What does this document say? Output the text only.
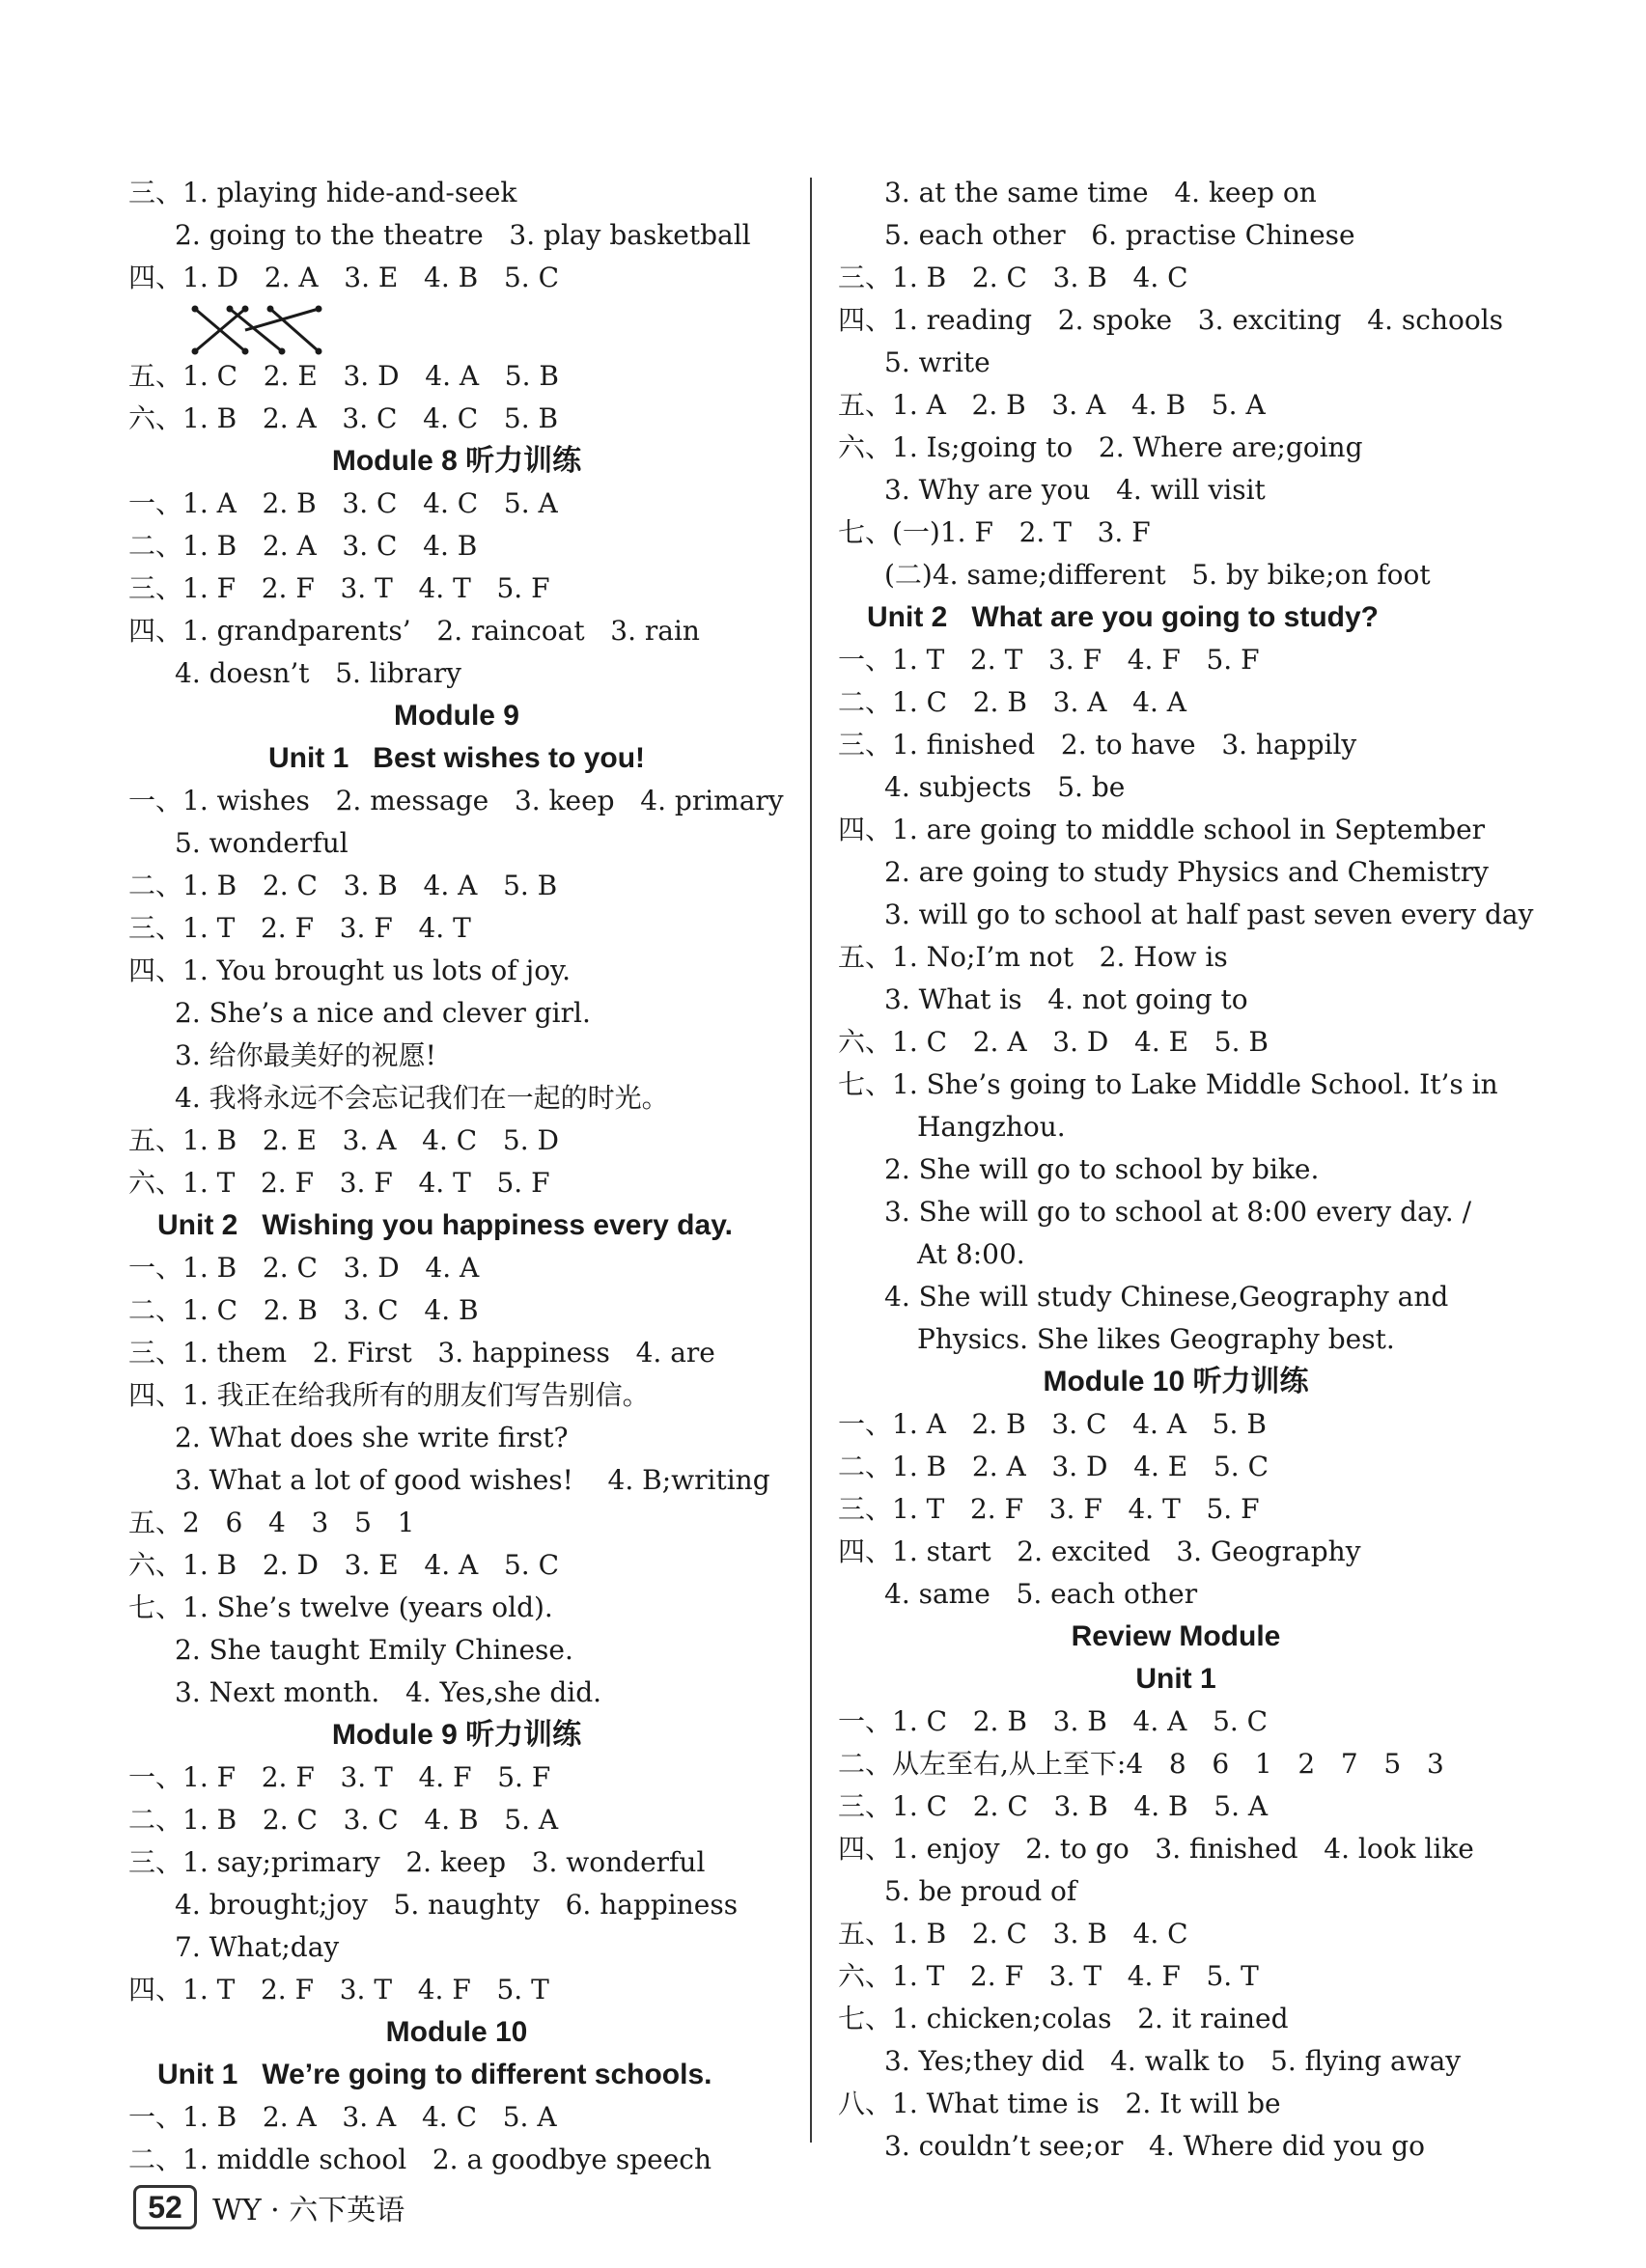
三、1. playing hide-and-seek
2. going to the theatre   3. play basketball
四、1. D   2. A   3. E   4. B   5. C
五、1. C   2. E   3. D   4. A   5. B
六、1. B   2. A   3. C   4. C   5. B
Module 8 听力训练
一、1. A   2. B   3. C   4. C   5. A
二、1. B   2. A   3. C   4. B
三、1. F   2. F   3. T   4. T   5. F
四、1. grandparents’   2. raincoat   3. rain
4. doesn’t   5. library
Module 9
Unit 1   Best wishes to you!
一、1. wishes   2. message   3. keep   4. primary
5. wonderful
二、1. B   2. C   3. B   4. A   5. B
三、1. T   2. F   3. F   4. T
四、1. You brought us lots of joy.
2. She’s a nice and clever girl.
3. 给你最美好的祝愿!
4. 我将永远不会忘记我们在一起的时光。
五、1. B   2. E   3. A   4. C   5. D
六、1. T   2. F   3. F   4. T   5. F
Unit 2   Wishing you happiness every day.
一、1. B   2. C   3. D   4. A
二、1. C   2. B   3. C   4. B
三、1. them   2. First   3. happiness   4. are
四、1. 我正在给我所有的朋友们写告别信。
2. What does she write first?
3. What a lot of good wishes!    4. B;writing
五、2   6   4   3   5   1
六、1. B   2. D   3. E   4. A   5. C
七、1. She’s twelve (years old).
2. She taught Emily Chinese.
3. Next month.   4. Yes,she did.
Module 9 听力训练
一、1. F   2. F   3. T   4. F   5. F
二、1. B   2. C   3. C   4. B   5. A
三、1. say;primary   2. keep   3. wonderful
4. brought;joy   5. naughty   6. happiness
7. What;day
四、1. T   2. F   3. T   4. F   5. T
Module 10
Unit 1   We’re going to different schools.
一、1. B   2. A   3. A   4. C   5. A
二、1. middle school   2. a goodbye speech
3. at the same time   4. keep on
5. each other   6. practise Chinese
三、1. B   2. C   3. B   4. C
四、1. reading   2. spoke   3. exciting   4. schools
5. write
五、1. A   2. B   3. A   4. B   5. A
六、1. Is;going to   2. Where are;going
3. Why are you   4. will visit
七、(一)1. F   2. T   3. F
(二)4. same;different   5. by bike;on foot
Unit 2   What are you going to study?
一、1. T   2. T   3. F   4. F   5. F
二、1. C   2. B   3. A   4. A
三、1. finished   2. to have   3. happily
4. subjects   5. be
四、1. are going to middle school in September
2. are going to study Physics and Chemistry
3. will go to school at half past seven every day
五、1. No;I’m not   2. How is
3. What is   4. not going to
六、1. C   2. A   3. D   4. E   5. B
七、1. She’s going to Lake Middle School. It’s in
Hangzhou.
2. She will go to school by bike.
3. She will go to school at 8:00 every day. /
At 8:00.
4. She will study Chinese,Geography and
Physics. She likes Geography best.
Module 10 听力训练
一、1. A   2. B   3. C   4. A   5. B
二、1. B   2. A   3. D   4. E   5. C
三、1. T   2. F   3. F   4. T   5. F
四、1. start   2. excited   3. Geography
4. same   5. each other
Review Module
Unit 1
一、1. C   2. B   3. B   4. A   5. C
二、从左至右,从上至下:4   8   6   1   2   7   5   3
三、1. C   2. C   3. B   4. B   5. A
四、1. enjoy   2. to go   3. finished   4. look like
5. be proud of
五、1. B   2. C   3. B   4. C
六、1. T   2. F   3. T   4. F   5. T
七、1. chicken;colas   2. it rained
3. Yes;they did   4. walk to   5. flying away
八、1. What time is   2. It will be
3. couldn’t see;or   4. Where did you go
52	WY · 六下英语
